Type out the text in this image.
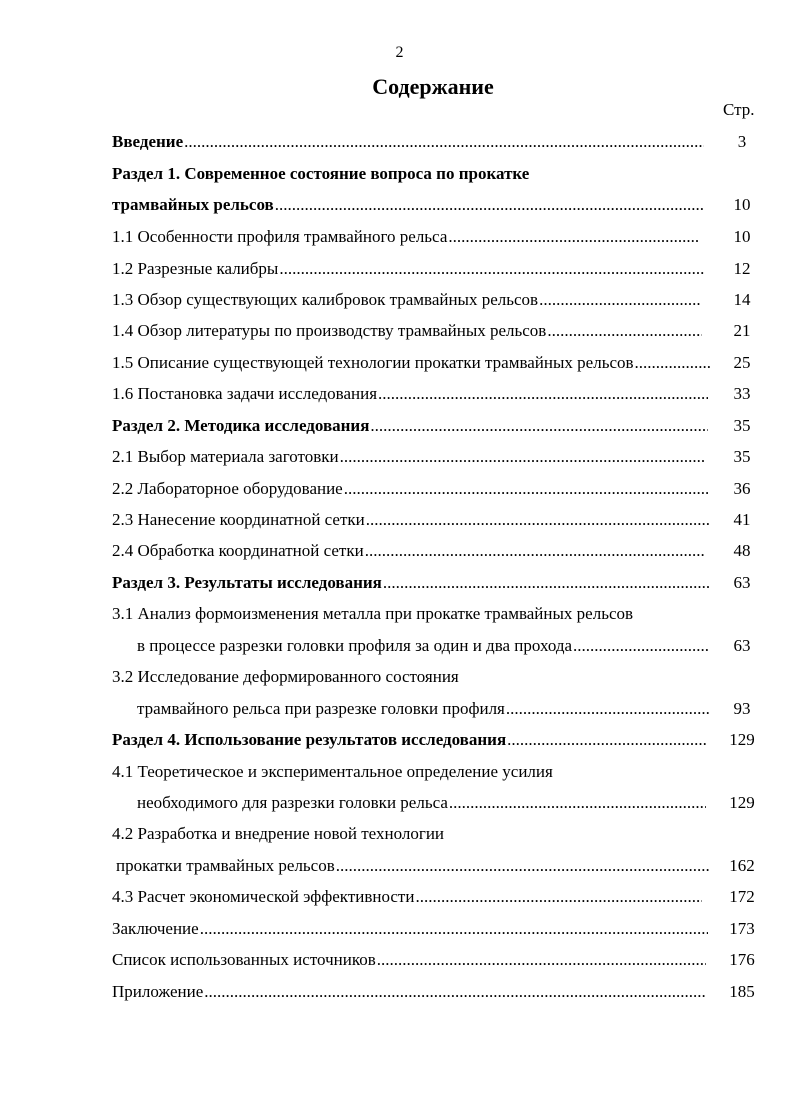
2
Содержание
Стр.
Введение .....	3
Раздел 1. Современное состояние вопроса по прокатке
трамвайных рельсов .....	10
1.1 Особенности профиля трамвайного рельса .....	10
1.2 Разрезные калибры .....	12
1.3 Обзор существующих калибровок трамвайных рельсов .....	14
1.4 Обзор литературы по производству трамвайных рельсов .....	21
1.5 Описание существующей технологии прокатки трамвайных рельсов .....	25
1.6 Постановка задачи исследования .....	33
Раздел 2. Методика исследования .....	35
2.1 Выбор материала заготовки .....	35
2.2 Лабораторное оборудование .....	36
2.3 Нанесение координатной сетки .....	41
2.4 Обработка координатной сетки .....	48
Раздел 3. Результаты исследования .....	63
3.1 Анализ формоизменения металла при прокатке трамвайных рельсов
в процессе разрезки головки профиля за один и два прохода .....	63
3.2 Исследование деформированного состояния
трамвайного рельса при разрезке головки профиля .....	93
Раздел 4. Использование результатов исследования .....	129
4.1 Теоретическое и экспериментальное определение усилия
необходимого для разрезки головки рельса .....	129
4.2 Разработка и внедрение новой технологии
прокатки трамвайных рельсов .....	162
4.3 Расчет экономической эффективности .....	172
Заключение .....	173
Список использованных источников .....	176
Приложение .....	185
